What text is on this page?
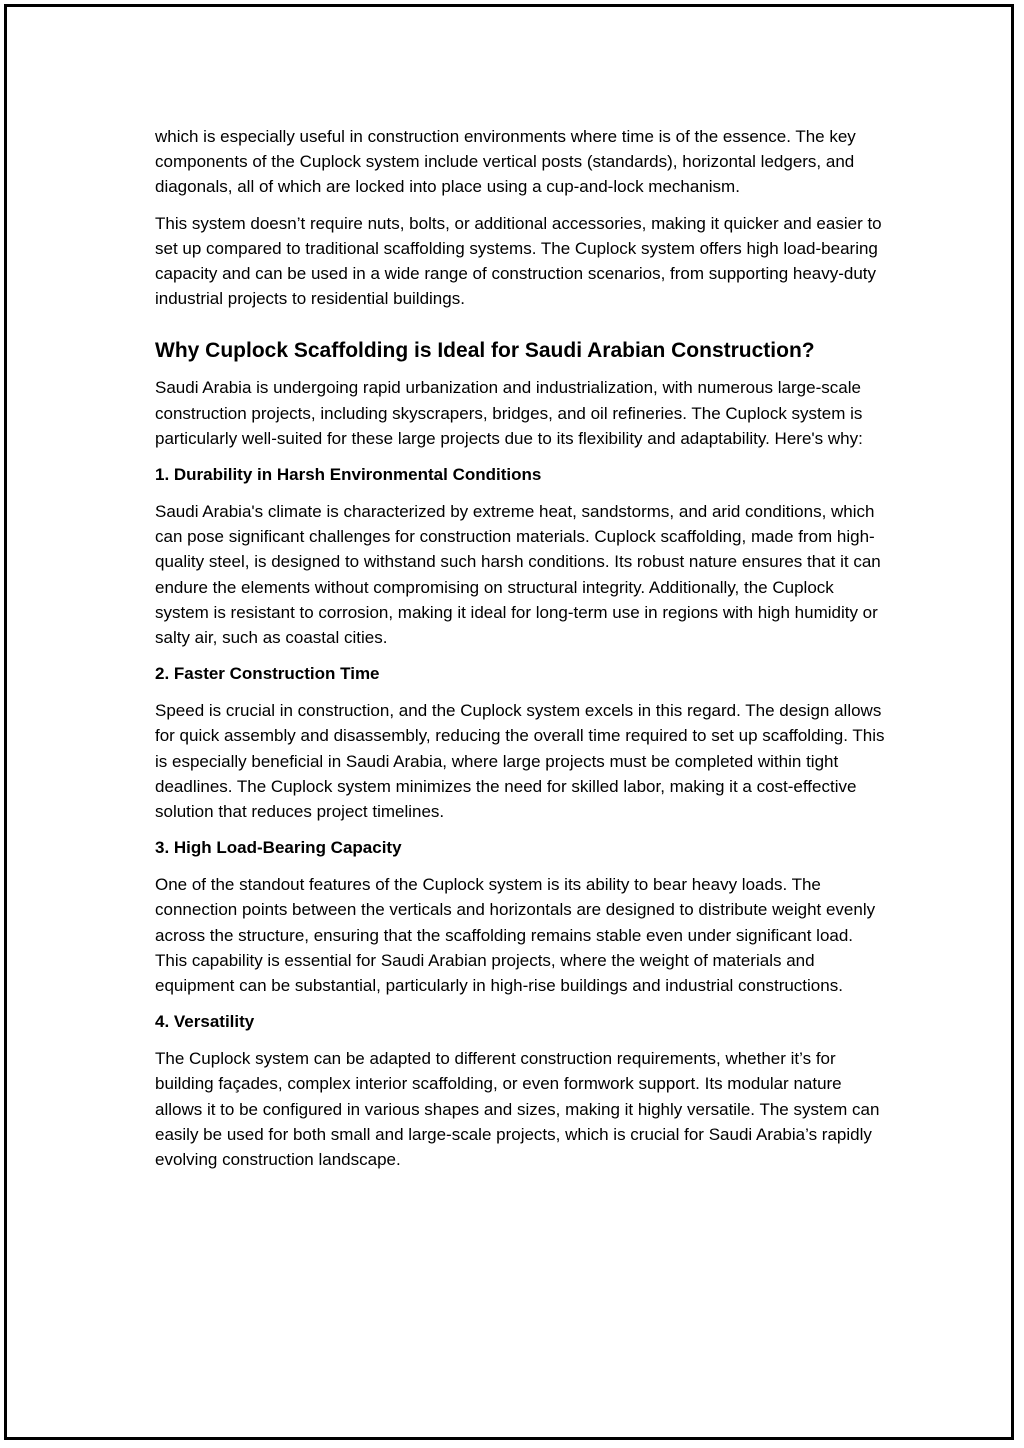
which is especially useful in construction environments where time is of the essence. The key components of the Cuplock system include vertical posts (standards), horizontal ledgers, and diagonals, all of which are locked into place using a cup-and-lock mechanism.

This system doesn’t require nuts, bolts, or additional accessories, making it quicker and easier to set up compared to traditional scaffolding systems. The Cuplock system offers high load-bearing capacity and can be used in a wide range of construction scenarios, from supporting heavy-duty industrial projects to residential buildings.

Why Cuplock Scaffolding is Ideal for Saudi Arabian Construction?

Saudi Arabia is undergoing rapid urbanization and industrialization, with numerous large-scale construction projects, including skyscrapers, bridges, and oil refineries. The Cuplock system is particularly well-suited for these large projects due to its flexibility and adaptability. Here's why:

1. Durability in Harsh Environmental Conditions

Saudi Arabia's climate is characterized by extreme heat, sandstorms, and arid conditions, which can pose significant challenges for construction materials. Cuplock scaffolding, made from high-quality steel, is designed to withstand such harsh conditions. Its robust nature ensures that it can endure the elements without compromising on structural integrity. Additionally, the Cuplock system is resistant to corrosion, making it ideal for long-term use in regions with high humidity or salty air, such as coastal cities.

2. Faster Construction Time

Speed is crucial in construction, and the Cuplock system excels in this regard. The design allows for quick assembly and disassembly, reducing the overall time required to set up scaffolding. This is especially beneficial in Saudi Arabia, where large projects must be completed within tight deadlines. The Cuplock system minimizes the need for skilled labor, making it a cost-effective solution that reduces project timelines.

3. High Load-Bearing Capacity

One of the standout features of the Cuplock system is its ability to bear heavy loads. The connection points between the verticals and horizontals are designed to distribute weight evenly across the structure, ensuring that the scaffolding remains stable even under significant load. This capability is essential for Saudi Arabian projects, where the weight of materials and equipment can be substantial, particularly in high-rise buildings and industrial constructions.

4. Versatility

The Cuplock system can be adapted to different construction requirements, whether it’s for building façades, complex interior scaffolding, or even formwork support. Its modular nature allows it to be configured in various shapes and sizes, making it highly versatile. The system can easily be used for both small and large-scale projects, which is crucial for Saudi Arabia’s rapidly evolving construction landscape.
